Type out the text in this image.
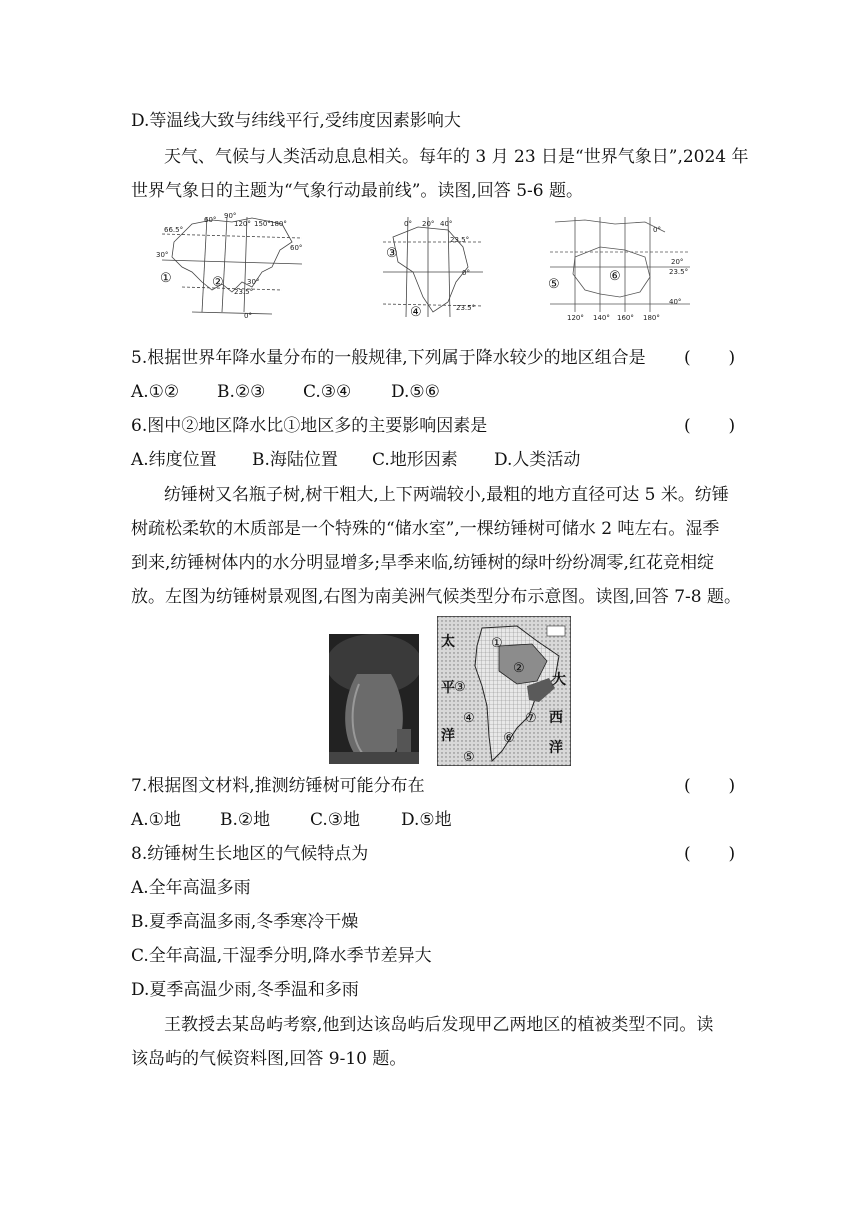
D.等温线大致与纬线平行,受纬度因素影响大
天气、气候与人类活动息息相关。每年的 3 月 23 日是“世界气象日”,2024 年
世界气象日的主题为“气象行动最前线”。读图,回答 5-6 题。
66.5°
60° 90°
120° 150° 180°
60°
30°
30°
23.5°
0°
①	②
0° 20° 40°
23.5°
0°
23.5°
③
④
0°
20°
23.5°
40°
120° 140° 160° 180°
⑤
⑥
5.根据世界年降水量分布的一般规律,下列属于降水较少的地区组合是 (       )
A.①② B.②③ C.③④ D.⑤⑥
6.图中②地区降水比①地区多的主要影响因素是	(       )
A.纬度位置 B.海陆位置 C.地形因素 D.人类活动
纺锤树又名瓶子树,树干粗大,上下两端较小,最粗的地方直径可达 5 米。纺锤
树疏松柔软的木质部是一个特殊的“储水室”,一棵纺锤树可储水 2 吨左右。湿季
到来,纺锤树体内的水分明显增多;旱季来临,纺锤树的绿叶纷纷凋零,红花竞相绽
放。左图为纺锤树景观图,右图为南美洲气候类型分布示意图。读图,回答 7-8 题。
太
平
洋
大
西
洋
①
②
③
④
⑤
⑥
⑦
7.根据图文材料,推测纺锤树可能分布在	(       )
A.①地 B.②地 C.③地 D.⑤地
8.纺锤树生长地区的气候特点为	(       )
A.全年高温多雨
B.夏季高温多雨,冬季寒冷干燥
C.全年高温,干湿季分明,降水季节差异大
D.夏季高温少雨,冬季温和多雨
王教授去某岛屿考察,他到达该岛屿后发现甲乙两地区的植被类型不同。读
该岛屿的气候资料图,回答 9-10 题。
